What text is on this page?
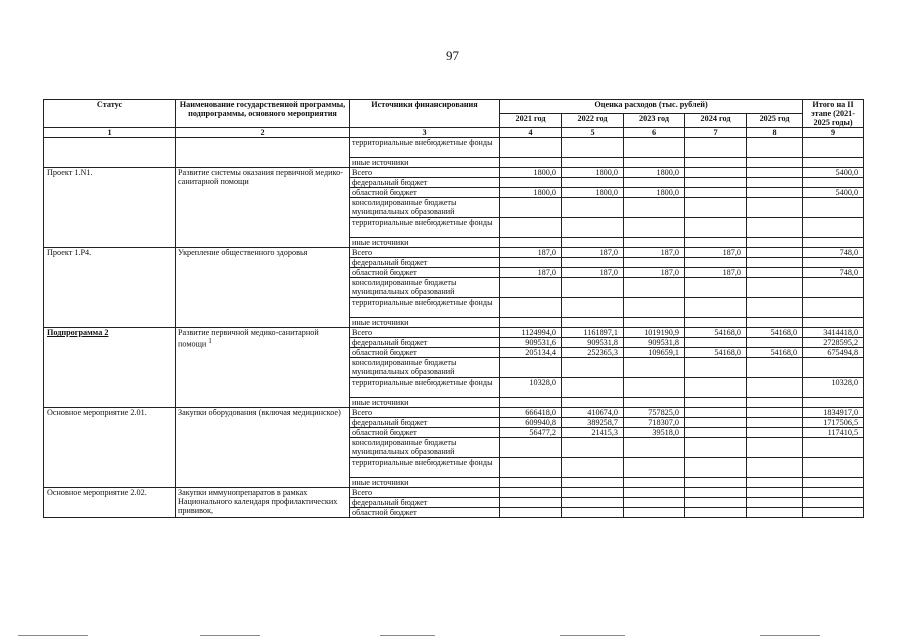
97
Статус	Наименование государственной программы, подпрограммы, основного мероприятия	Источники финансирования	Оценка расходов (тыс. рублей)					Итого на II этапе (2021-2025 годы)
			2021 год	2022 год	2023 год	2024 год	2025 год	
1	2	3	4	5	6	7	8	9
		территориальные внебюджетные фонды						
		иные источники						
Проект 1.N1.	Развитие системы оказания первичной медико-санитарной помощи	Всего	1800,0	1800,0	1800,0			5400,0
		федеральный бюджет						
		областной бюджет	1800,0	1800,0	1800,0			5400,0
		консолидированные бюджеты муниципальных образований						
		территориальные внебюджетные фонды						
		иные источники						
Проект 1.Р4.	Укрепление общественного здоровья	Всего	187,0	187,0	187,0	187,0		748,0
		федеральный бюджет						
		областной бюджет	187,0	187,0	187,0	187,0		748,0
		консолидированные бюджеты муниципальных образований						
		территориальные внебюджетные фонды						
		иные источники						
Подпрограмма 2	Развитие первичной медико-санитарной помощи $^1$	Всего	1124994,0	1161897,1	1019190,9	54168,0	54168,0	3414418,0
		федеральный бюджет	909531,6	909531,8	909531,8			2728595,2
		областной бюджет	205134,4	252365,3	109659,1	54168,0	54168,0	675494,8
		консолидированные бюджеты муниципальных образований						
		территориальные внебюджетные фонды	10328,0					10328,0
		иные источники						
Основное мероприятие 2.01.	Закупки оборудования (включая медицинское)	Всего	666418,0	410674,0	757825,0			1834917,0
		федеральный бюджет	609940,8	389258,7	718307,0			1717506,5
		областной бюджет	56477,2	21415,3	39518,0			117410,5
		консолидированные бюджеты муниципальных образований						
		территориальные внебюджетные фонды						
		иные источники						
Основное мероприятие 2.02.	Закупки иммунопрепаратов в рамках Национального календаря профилактических прививок,	Всего						
		федеральный бюджет						
		областной бюджет						
